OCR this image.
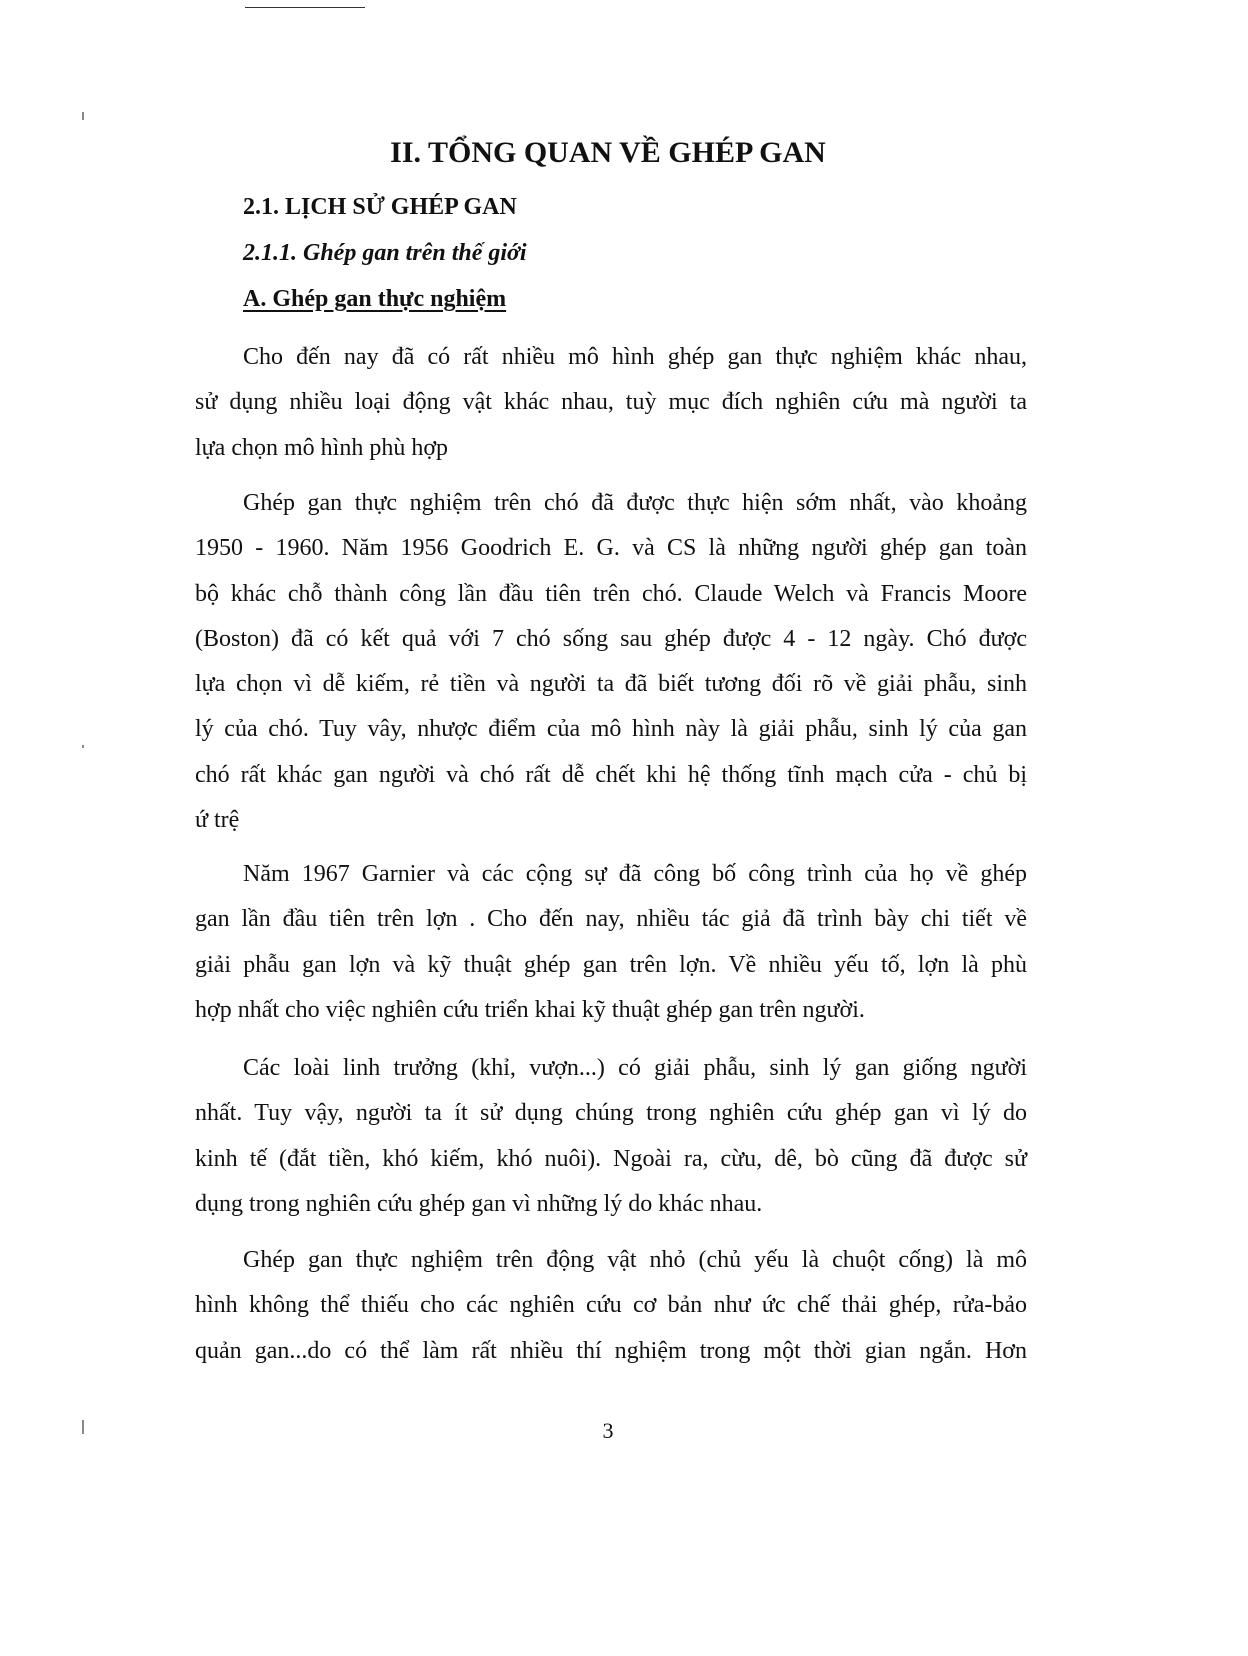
II. TỔNG QUAN VỀ GHÉP GAN
2.1. LỊCH SỬ GHÉP GAN
2.1.1. Ghép gan trên thế giới
A. Ghép gan thực nghiệm
Cho đến nay đã có rất nhiều mô hình ghép gan thực nghiệm khác nhau,
sử dụng nhiều loại động vật khác nhau, tuỳ mục đích nghiên cứu mà người ta
lựa chọn mô hình phù hợp
Ghép gan thực nghiệm trên chó đã được thực hiện sớm nhất, vào khoảng
1950 - 1960. Năm 1956 Goodrich E. G. và CS là những người ghép gan toàn
bộ khác chỗ thành công lần đầu tiên trên chó. Claude Welch và Francis Moore
(Boston) đã có kết quả với 7 chó sống sau ghép được 4 - 12 ngày. Chó được
lựa chọn vì dễ kiếm, rẻ tiền và người ta đã biết tương đối rõ về giải phẫu, sinh
lý của chó. Tuy vây, nhược điểm của mô hình này là giải phẫu, sinh lý của gan
chó rất khác gan người và chó rất dễ chết khi hệ thống tĩnh mạch cửa - chủ bị
ứ trệ
Năm 1967 Garnier và các cộng sự đã công bố công trình của họ về ghép
gan lần đầu tiên trên lợn . Cho đến nay, nhiều tác giả đã trình bày chi tiết về
giải phẫu gan lợn và kỹ thuật ghép gan trên lợn. Về nhiều yếu tố, lợn là phù
hợp nhất cho việc nghiên cứu triển khai kỹ thuật ghép gan trên người.
Các loài linh trưởng (khỉ, vượn...) có giải phẫu, sinh lý gan giống người
nhất. Tuy vậy, người ta ít sử dụng chúng trong nghiên cứu ghép gan vì lý do
kinh tế (đắt tiền, khó kiếm, khó nuôi). Ngoài ra, cừu, dê, bò cũng đã được sử
dụng trong nghiên cứu ghép gan vì những lý do khác nhau.
Ghép gan thực nghiệm trên động vật nhỏ (chủ yếu là chuột cống) là mô
hình không thể thiếu cho các nghiên cứu cơ bản như ức chế thải ghép, rửa-bảo
quản gan...do có thể làm rất nhiều thí nghiệm trong một thời gian ngắn. Hơn
3
